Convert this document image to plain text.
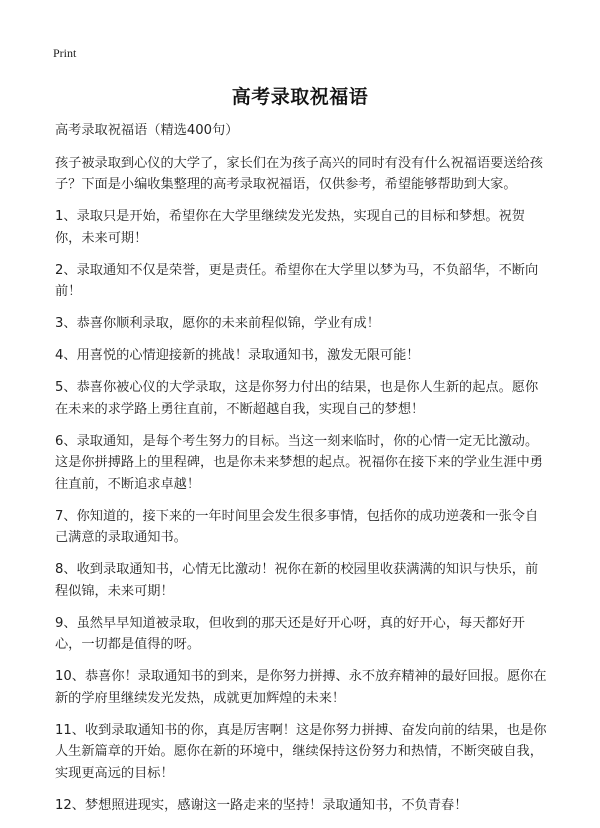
Print
高考录取祝福语

高考录取祝福语（精选400句）

孩子被录取到心仪的大学了，家长们在为孩子高兴的同时有没有什么祝福语要送给孩子？下面是小编收集整理的高考录取祝福语，仅供参考，希望能够帮助到大家。

1、录取只是开始，希望你在大学里继续发光发热，实现自己的目标和梦想。祝贺你，未来可期！

2、录取通知不仅是荣誉，更是责任。希望你在大学里以梦为马，不负韶华，不断向前！

3、恭喜你顺利录取，愿你的未来前程似锦，学业有成！

4、用喜悦的心情迎接新的挑战！录取通知书，激发无限可能！

5、恭喜你被心仪的大学录取，这是你努力付出的结果，也是你人生新的起点。愿你在未来的求学路上勇往直前，不断超越自我，实现自己的梦想！

6、录取通知，是每个考生努力的目标。当这一刻来临时，你的心情一定无比激动。这是你拼搏路上的里程碑，也是你未来梦想的起点。祝福你在接下来的学业生涯中勇往直前，不断追求卓越！

7、你知道的，接下来的一年时间里会发生很多事情，包括你的成功逆袭和一张令自己满意的录取通知书。

8、收到录取通知书，心情无比激动！祝你在新的校园里收获满满的知识与快乐，前程似锦，未来可期！

9、虽然早早知道被录取，但收到的那天还是好开心呀，真的好开心，每天都好开心，一切都是值得的呀。

10、恭喜你！录取通知书的到来，是你努力拼搏、永不放弃精神的最好回报。愿你在新的学府里继续发光发热，成就更加辉煌的未来！

11、收到录取通知书的你，真是厉害啊！这是你努力拼搏、奋发向前的结果，也是你人生新篇章的开始。愿你在新的环境中，继续保持这份努力和热情，不断突破自我，实现更高远的目标！

12、梦想照进现实，感谢这一路走来的坚持！录取通知书，不负青春！
